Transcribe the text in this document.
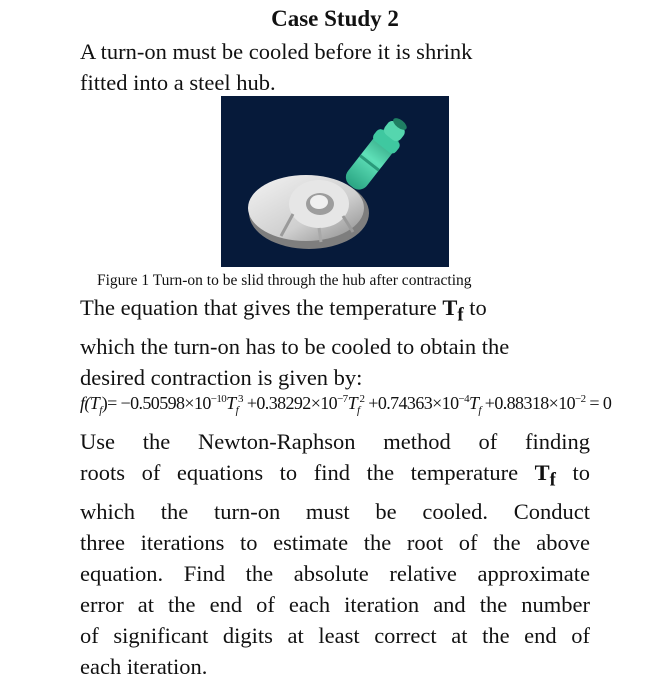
Case Study 2

A turn-on must be cooled before it is shrink
fitted into a steel hub.

Figure 1 Turn-on to be slid through the hub after contracting

The equation that gives the temperature $T_f$ to
which the turn-on has to be cooled to obtain the
desired contraction is given by:

$f(T_f)= -0.50598\times 10^{-10}T_f^3 +0.38292\times 10^{-7}T_f^2 +0.74363\times 10^{-4}T_f +0.88318\times 10^{-2} = 0$

Use the Newton-Raphson method of finding
roots of equations to find the temperature $T_f$ to
which the turn-on must be cooled. Conduct
three iterations to estimate the root of the above
equation. Find the absolute relative approximate
error at the end of each iteration and the number
of significant digits at least correct at the end of
each iteration.
